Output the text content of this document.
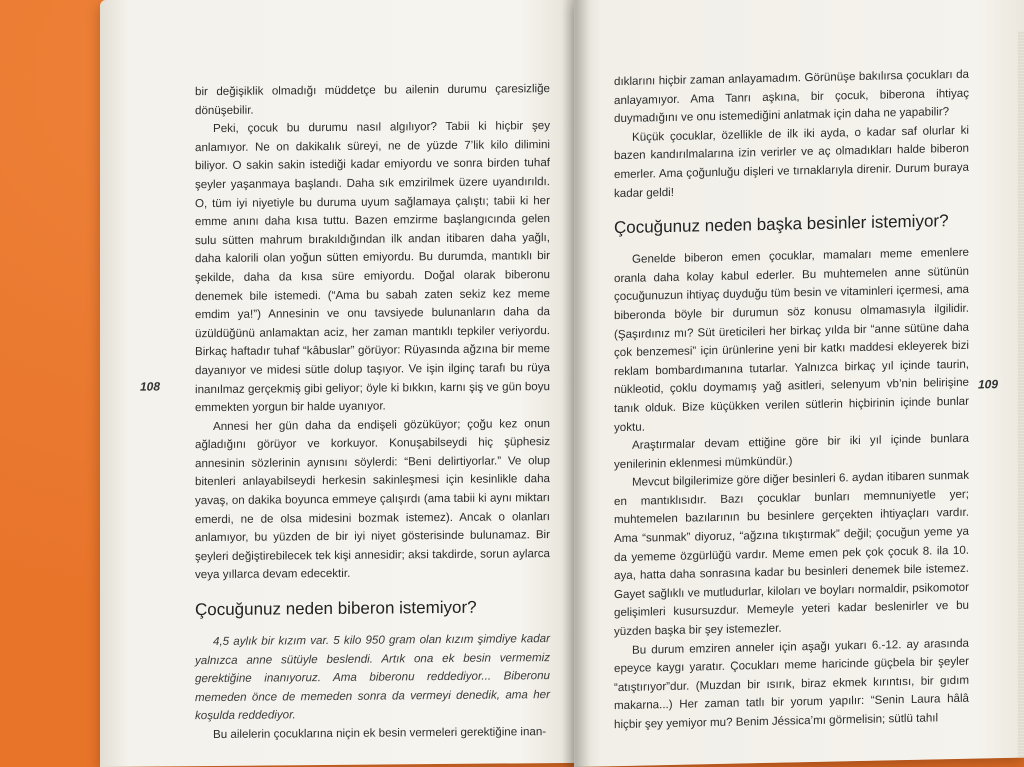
108

bir değişiklik olmadığı müddetçe bu ailenin durumu çaresizliğe dönüşebilir.

Peki, çocuk bu durumu nasıl algılıyor? Tabii ki hiçbir şey anlamıyor. Ne on dakikalık süreyi, ne de yüzde 7’lik kilo dilimini biliyor. O sakin sakin istediği kadar emiyordu ve sonra birden tuhaf şeyler yaşanmaya başlandı. Daha sık emzirilmek üzere uyandırıldı. O, tüm iyi niyetiyle bu duruma uyum sağlamaya çalıştı; tabii ki her emme anını daha kısa tuttu. Bazen emzirme başlangıcında gelen sulu sütten mahrum bırakıldığından ilk andan itibaren daha yağlı, daha kalorili olan yoğun sütten emiyordu. Bu durumda, mantıklı bir şekilde, daha da kısa süre emiyordu. Doğal olarak biberonu denemek bile istemedi. (“Ama bu sabah zaten sekiz kez meme emdim ya!”) Annesinin ve onu tavsiyede bulunanların daha da üzüldüğünü anlamaktan aciz, her zaman mantıklı tepkiler veriyordu. Birkaç haftadır tuhaf “kâbuslar” görüyor: Rüyasında ağzına bir meme dayanıyor ve midesi sütle dolup taşıyor. Ve işin ilginç tarafı bu rüya inanılmaz gerçekmiş gibi geliyor; öyle ki bıkkın, karnı şiş ve gün boyu emmekten yorgun bir halde uyanıyor.

Annesi her gün daha da endişeli gözüküyor; çoğu kez onun ağladığını görüyor ve korkuyor. Konuşabilseydi hiç şüphesiz annesinin sözlerinin aynısını söylerdi: “Beni delirtiyorlar.” Ve olup bitenleri anlayabilseydi herkesin sakinleşmesi için kesinlikle daha yavaş, on dakika boyunca emmeye çalışırdı (ama tabii ki aynı miktarı emerdi, ne de olsa midesini bozmak istemez). Ancak o olanları anlamıyor, bu yüzden de bir iyi niyet gösterisinde bulunamaz. Bir şeyleri değiştirebilecek tek kişi annesidir; aksi takdirde, sorun aylarca veya yıllarca devam edecektir.

Çocuğunuz neden biberon istemiyor?

4,5 aylık bir kızım var. 5 kilo 950 gram olan kızım şimdiye kadar yalnızca anne sütüyle beslendi. Artık ona ek besin vermemiz gerektiğine inanıyoruz. Ama biberonu reddediyor... Biberonu memeden önce de memeden sonra da vermeyi denedik, ama her koşulda reddediyor.

Bu ailelerin çocuklarına niçin ek besin vermeleri gerektiğine inan-

109

dıklarını hiçbir zaman anlayamadım. Görünüşe bakılırsa çocukları da anlayamıyor. Ama Tanrı aşkına, bir çocuk, biberona ihtiyaç duymadığını ve onu istemediğini anlatmak için daha ne yapabilir?

Küçük çocuklar, özellikle de ilk iki ayda, o kadar saf olurlar ki bazen kandırılmalarına izin verirler ve aç olmadıkları halde biberon emerler. Ama çoğunluğu dişleri ve tırnaklarıyla direnir. Durum buraya kadar geldi!

Çocuğunuz neden başka besinler istemiyor?

Genelde biberon emen çocuklar, mamaları meme emenlere oranla daha kolay kabul ederler. Bu muhtemelen anne sütünün çocuğunuzun ihtiyaç duyduğu tüm besin ve vitaminleri içermesi, ama biberonda böyle bir durumun söz konusu olmamasıyla ilgilidir. (Şaşırdınız mı? Süt üreticileri her birkaç yılda bir “anne sütüne daha çok benzemesi” için ürünlerine yeni bir katkı maddesi ekleyerek bizi reklam bombardımanına tutarlar. Yalnızca birkaç yıl içinde taurin, nükleotid, çoklu doymamış yağ asitleri, selenyum vb’nin belirişine tanık olduk. Bize küçükken verilen sütlerin hiçbirinin içinde bunlar yoktu.

Araştırmalar devam ettiğine göre bir iki yıl içinde bunlara yenilerinin eklenmesi mümkündür.)

Mevcut bilgilerimize göre diğer besinleri 6. aydan itibaren sunmak en mantıklısıdır. Bazı çocuklar bunları memnuniyetle yer; muhtemelen bazılarının bu besinlere gerçekten ihtiyaçları vardır. Ama “sunmak” diyoruz, “ağzına tıkıştırmak” değil; çocuğun yeme ya da yememe özgürlüğü vardır. Meme emen pek çok çocuk 8. ila 10. aya, hatta daha sonrasına kadar bu besinleri denemek bile istemez. Gayet sağlıklı ve mutludurlar, kiloları ve boyları normaldir, psikomotor gelişimleri kusursuzdur. Memeyle yeteri kadar beslenirler ve bu yüzden başka bir şey istemezler.

Bu durum emziren anneler için aşağı yukarı 6.-12. ay arasında epeyce kaygı yaratır. Çocukları meme haricinde güçbela bir şeyler “atıştırıyor”dur. (Muzdan bir ısırık, biraz ekmek kırıntısı, bir gıdım makarna...) Her zaman tatlı bir yorum yapılır: “Senin Laura hâlâ hiçbir şey yemiyor mu? Benim Jéssica’mı görmelisin; sütlü tahıl
